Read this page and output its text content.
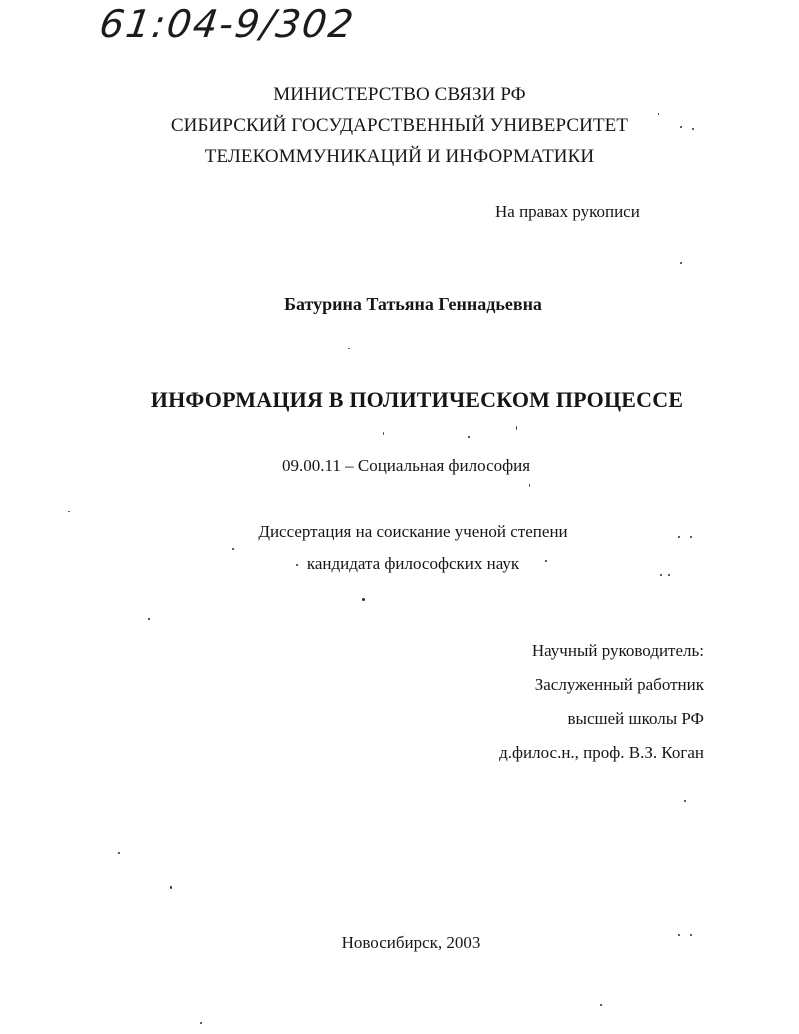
61:04-9/302
МИНИСТЕРСТВО СВЯЗИ РФ
СИБИРСКИЙ ГОСУДАРСТВЕННЫЙ УНИВЕРСИТЕТ
ТЕЛЕКОММУНИКАЦИЙ И ИНФОРМАТИКИ
На правах рукописи
Батурина Татьяна Геннадьевна
ИНФОРМАЦИЯ В ПОЛИТИЧЕСКОМ ПРОЦЕССЕ
09.00.11 – Социальная философия
Диссертация на соискание ученой степени
кандидата философских наук
Научный руководитель:
Заслуженный работник
высшей школы РФ
д.филос.н., проф. В.З. Коган
Новосибирск, 2003
